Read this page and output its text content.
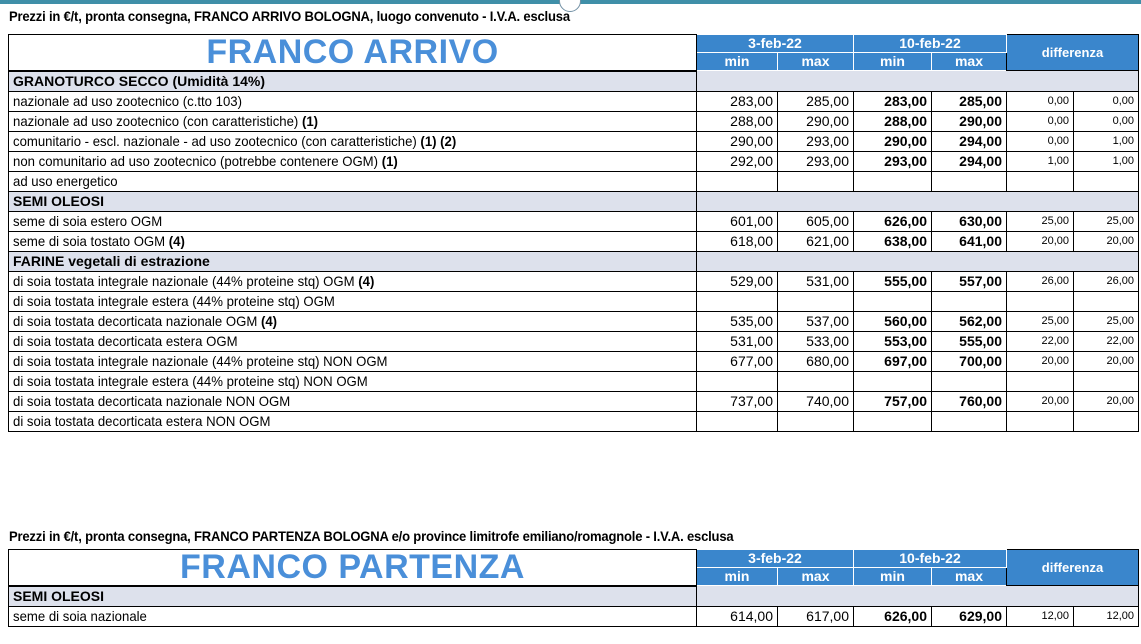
Prezzi in €/t, pronta consegna, FRANCO ARRIVO BOLOGNA, luogo convenuto - I.V.A. esclusa
FRANCO ARRIVO	3-feb-22		10-feb-22		differenza	
	min	max	min	max		
GRANOTURCO SECCO (Umidità 14%)						
nazionale ad uso zootecnico (c.tto 103)	283,00	285,00	283,00	285,00	0,00	0,00
nazionale ad uso zootecnico (con caratteristiche) (1)	288,00	290,00	288,00	290,00	0,00	0,00
comunitario - escl. nazionale - ad uso zootecnico (con caratteristiche) (1) (2)	290,00	293,00	290,00	294,00	0,00	1,00
non comunitario ad uso zootecnico (potrebbe contenere OGM) (1)	292,00	293,00	293,00	294,00	1,00	1,00
ad uso energetico						
SEMI OLEOSI						
seme di soia estero OGM	601,00	605,00	626,00	630,00	25,00	25,00
seme di soia tostato OGM (4)	618,00	621,00	638,00	641,00	20,00	20,00
FARINE vegetali di estrazione						
di soia tostata integrale nazionale (44% proteine stq) OGM (4)	529,00	531,00	555,00	557,00	26,00	26,00
di soia tostata integrale estera (44% proteine stq) OGM						
di soia tostata decorticata nazionale OGM (4)	535,00	537,00	560,00	562,00	25,00	25,00
di soia tostata decorticata estera OGM	531,00	533,00	553,00	555,00	22,00	22,00
di soia tostata integrale nazionale (44% proteine stq) NON OGM	677,00	680,00	697,00	700,00	20,00	20,00
di soia tostata integrale estera (44% proteine stq) NON OGM						
di soia tostata decorticata nazionale NON OGM	737,00	740,00	757,00	760,00	20,00	20,00
di soia tostata decorticata estera NON OGM						
Prezzi in €/t, pronta consegna, FRANCO PARTENZA BOLOGNA e/o province limitrofe emiliano/romagnole - I.V.A. esclusa
FRANCO PARTENZA	3-feb-22		10-feb-22		differenza	
	min	max	min	max		
SEMI OLEOSI						
seme di soia nazionale	614,00	617,00	626,00	629,00	12,00	12,00
